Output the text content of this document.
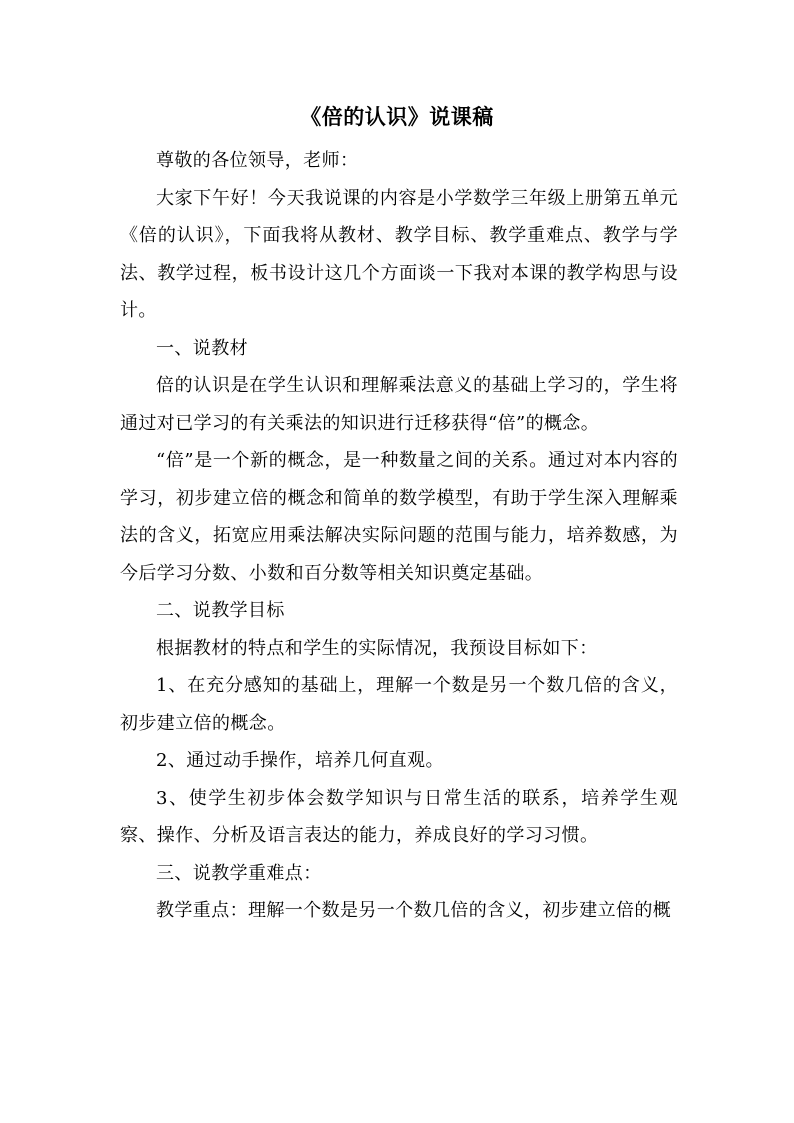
《倍的认识》说课稿

尊敬的各位领导，老师：

大家下午好！今天我说课的内容是小学数学三年级上册第五单元《倍的认识》，下面我将从教材、教学目标、教学重难点、教学与学法、教学过程，板书设计这几个方面谈一下我对本课的教学构思与设计。

一、说教材

倍的认识是在学生认识和理解乘法意义的基础上学习的，学生将通过对已学习的有关乘法的知识进行迁移获得“倍”的概念。

“倍”是一个新的概念，是一种数量之间的关系。通过对本内容的学习，初步建立倍的概念和简单的数学模型，有助于学生深入理解乘法的含义，拓宽应用乘法解决实际问题的范围与能力，培养数感，为今后学习分数、小数和百分数等相关知识奠定基础。

二、说教学目标

根据教材的特点和学生的实际情况，我预设目标如下：

1、在充分感知的基础上，理解一个数是另一个数几倍的含义，初步建立倍的概念。

2、通过动手操作，培养几何直观。

3、使学生初步体会数学知识与日常生活的联系，培养学生观察、操作、分析及语言表达的能力，养成良好的学习习惯。

三、说教学重难点：

教学重点：理解一个数是另一个数几倍的含义，初步建立倍的概
